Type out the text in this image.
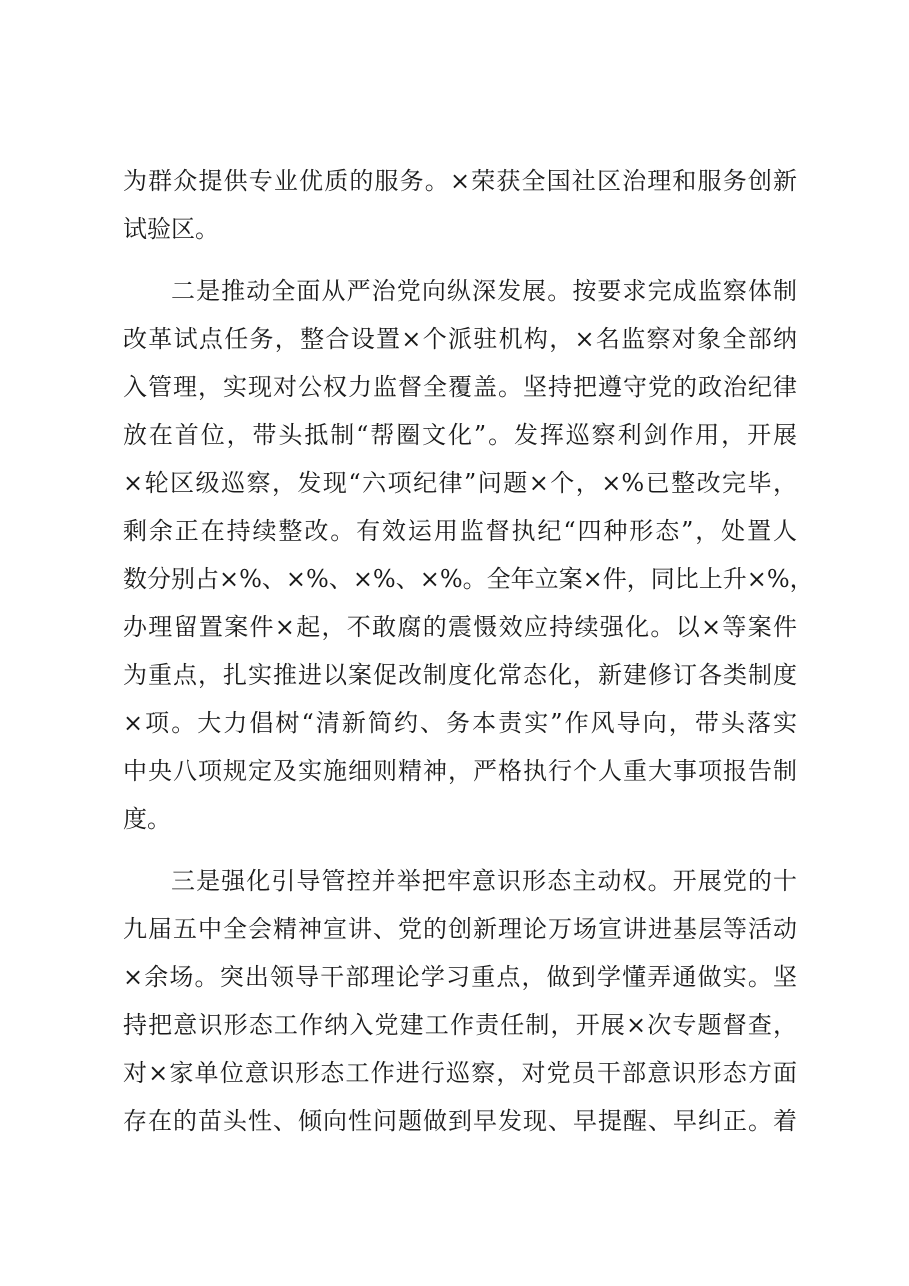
为群众提供专业优质的服务。×荣获全国社区治理和服务创新
试验区。
二是推动全面从严治党向纵深发展。按要求完成监察体制
改革试点任务，整合设置×个派驻机构，×名监察对象全部纳
入管理，实现对公权力监督全覆盖。坚持把遵守党的政治纪律
放在首位，带头抵制“帮圈文化”。发挥巡察利剑作用，开展
×轮区级巡察，发现“六项纪律”问题×个，×%已整改完毕，
剩余正在持续整改。有效运用监督执纪“四种形态”，处置人
数分别占×%、×%、×%、×%。全年立案×件，同比上升×%，
办理留置案件×起，不敢腐的震慑效应持续强化。以×等案件
为重点，扎实推进以案促改制度化常态化，新建修订各类制度
×项。大力倡树“清新简约、务本责实”作风导向，带头落实
中央八项规定及实施细则精神，严格执行个人重大事项报告制
度。
三是强化引导管控并举把牢意识形态主动权。开展党的十
九届五中全会精神宣讲、党的创新理论万场宣讲进基层等活动
×余场。突出领导干部理论学习重点，做到学懂弄通做实。坚
持把意识形态工作纳入党建工作责任制，开展×次专题督查，
对×家单位意识形态工作进行巡察，对党员干部意识形态方面
存在的苗头性、倾向性问题做到早发现、早提醒、早纠正。着
